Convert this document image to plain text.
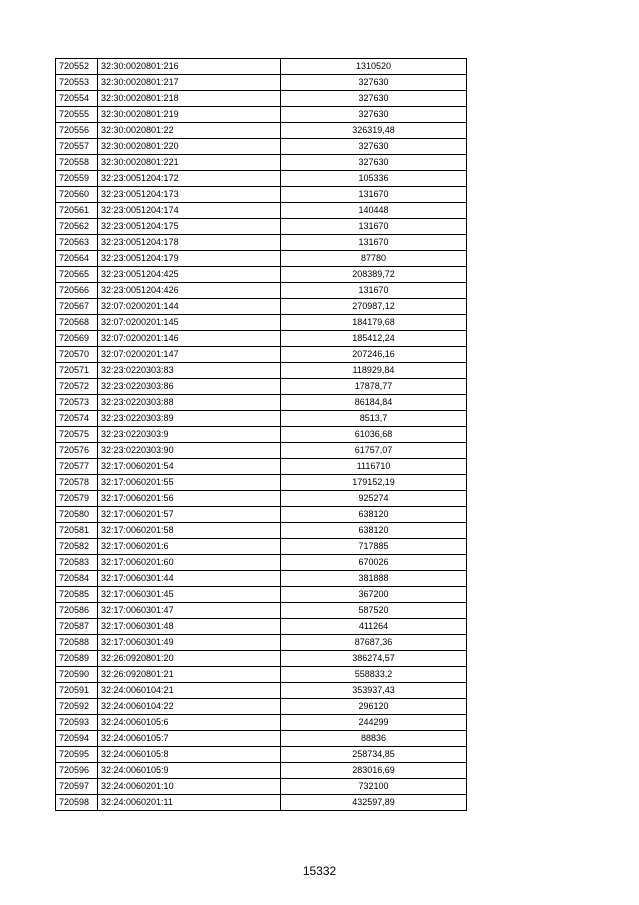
720552	32:30:0020801:216	1310520
720553	32:30:0020801:217	327630
720554	32:30:0020801:218	327630
720555	32:30:0020801:219	327630
720556	32:30:0020801:22	326319,48
720557	32:30:0020801:220	327630
720558	32:30:0020801:221	327630
720559	32:23:0051204:172	105336
720560	32:23:0051204:173	131670
720561	32:23:0051204:174	140448
720562	32:23:0051204:175	131670
720563	32:23:0051204:178	131670
720564	32:23:0051204:179	87780
720565	32:23:0051204:425	208389,72
720566	32:23:0051204:426	131670
720567	32:07:0200201:144	270987,12
720568	32:07:0200201:145	184179,68
720569	32:07:0200201:146	185412,24
720570	32:07:0200201:147	207246,16
720571	32:23:0220303:83	118929,84
720572	32:23:0220303:86	17878,77
720573	32:23:0220303:88	86184,84
720574	32:23:0220303:89	8513,7
720575	32:23:0220303:9	61036,68
720576	32:23:0220303:90	61757,07
720577	32:17:0060201:54	1116710
720578	32:17:0060201:55	179152,19
720579	32:17:0060201:56	925274
720580	32:17:0060201:57	638120
720581	32:17:0060201:58	638120
720582	32:17:0060201:6	717885
720583	32:17:0060201:60	670026
720584	32:17:0060301:44	381888
720585	32:17:0060301:45	367200
720586	32:17:0060301:47	587520
720587	32:17:0060301:48	411264
720588	32:17:0060301:49	87687,36
720589	32:26:0920801:20	386274,57
720590	32:26:0920801:21	558833,2
720591	32:24:0060104:21	353937,43
720592	32:24:0060104:22	296120
720593	32:24:0060105:6	244299
720594	32:24:0060105:7	88836
720595	32:24:0060105:8	258734,85
720596	32:24:0060105:9	283016,69
720597	32:24:0060201:10	732100
720598	32:24:0060201:11	432597,89
15332
